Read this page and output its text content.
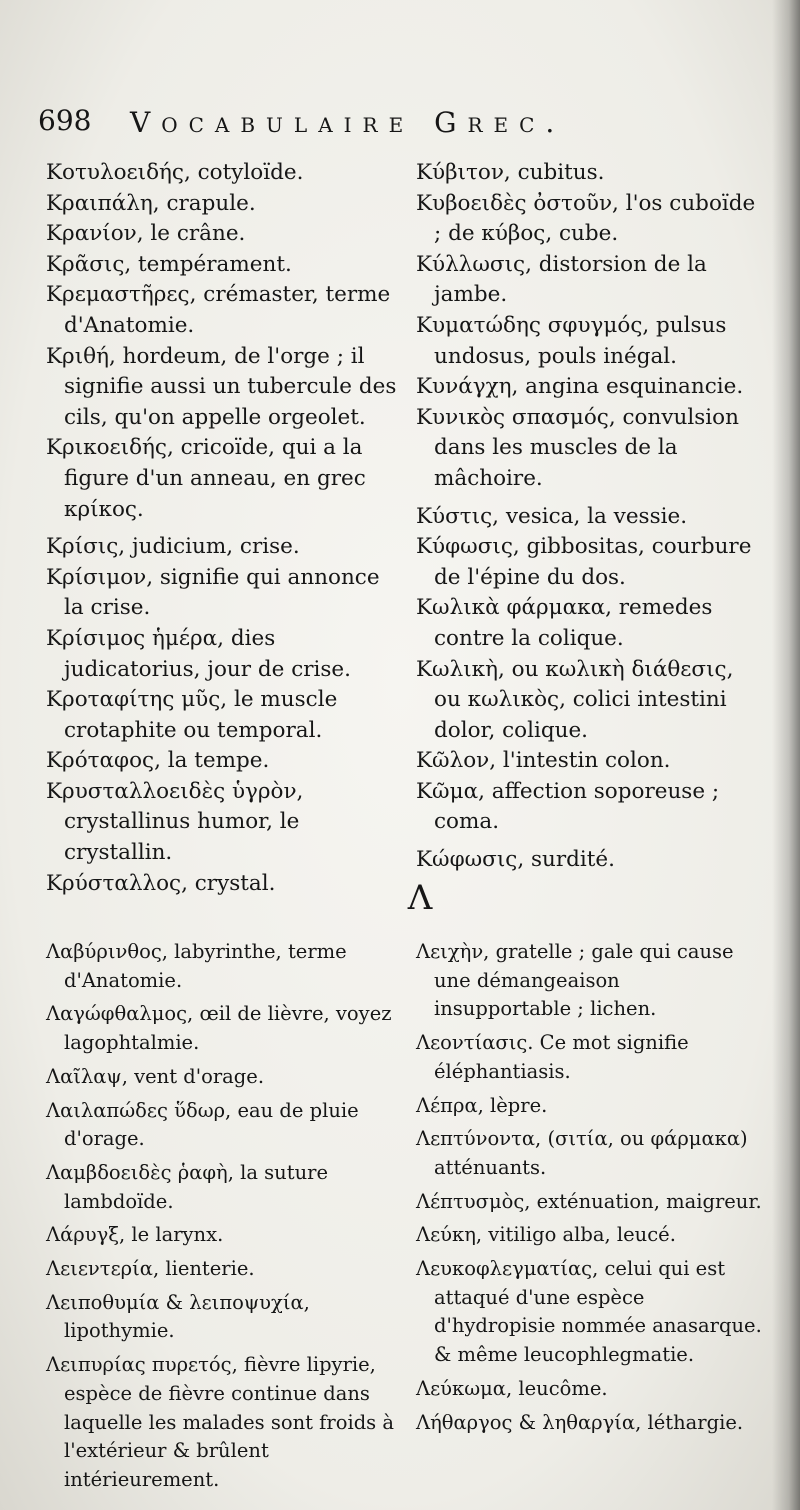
698 Vocabulaire Grec.

Κοτυλοειδής, cotyloïde.

Κραιπάλη, crapule.

Κρανίον, le crâne.

Κρᾶσις, tempérament.

Κρεμαστῆρες, crémaster, terme d'Anatomie.

Κριθή, hordeum, de l'orge ; il signifie aussi un tubercule des cils, qu'on appelle orgeolet.

Κρικοειδής, cricoïde, qui a la figure d'un anneau, en grec κρίκος.

Κρίσις, judicium, crise.

Κρίσιμον, signifie qui annonce la crise.

Κρίσιμος ἡμέρα, dies judicatorius, jour de crise.

Κροταφίτης μῦς, le muscle crotaphite ou temporal.

Κρόταφος, la tempe.

Κρυσταλλοειδὲς ὑγρὸν, crystallinus humor, le crystallin.

Κρύσταλλος, crystal.

Κύβιτον, cubitus.

Κυβοειδὲς ὀστοῦν, l'os cuboïde ; de κύβος, cube.

Κύλλωσις, distorsion de la jambe.

Κυματώδης σφυγμός, pulsus undosus, pouls inégal.

Κυνάγχη, angina esquinancie.

Κυνικὸς σπασμός, convulsion dans les muscles de la mâchoire.

Κύστις, vesica, la vessie.

Κύφωσις, gibbositas, courbure de l'épine du dos.

Κωλικὰ φάρμακα, remedes contre la colique.

Κωλικὴ, ou κωλικὴ διάθεσις, ou κωλικὸς, colici intestini dolor, colique.

Κῶλον, l'intestin colon.

Κῶμα, affection soporeuse ; coma.

Κώφωσις, surdité.

Λ

Λαβύρινθος, labyrinthe, terme d'Anatomie.

Λαγώφθαλμος, œil de lièvre, voyez lagophtalmie.

Λαῖλαψ, vent d'orage.

Λαιλαπώδες ὕδωρ, eau de pluie d'orage.

Λαμβδοειδὲς ῥαφὴ, la suture lambdoïde.

Λάρυγξ, le larynx.

Λειεντερία, lienterie.

Λειποθυμία & λειποψυχία, lipothymie.

Λειπυρίας πυρετός, fièvre lipyrie, espèce de fièvre continue dans laquelle les malades sont froids à l'extérieur & brûlent intérieurement.

Λειχὴν, gratelle ; gale qui cause une démangeaison insupportable ; lichen.

Λεοντίασις. Ce mot signifie éléphantiasis.

Λέπρα, lèpre.

Λεπτύνοντα, (σιτία, ou φάρμακα) atténuants.

Λέπτυσμὸς, exténuation, maigreur.

Λεύκη, vitiligo alba, leucé.

Λευκοφλεγματίας, celui qui est attaqué d'une espèce d'hydropisie nommée anasarque. & même leucophlegmatie.

Λεύκωμα, leucôme.

Λήθαργος & ληθαργία, léthargie.
